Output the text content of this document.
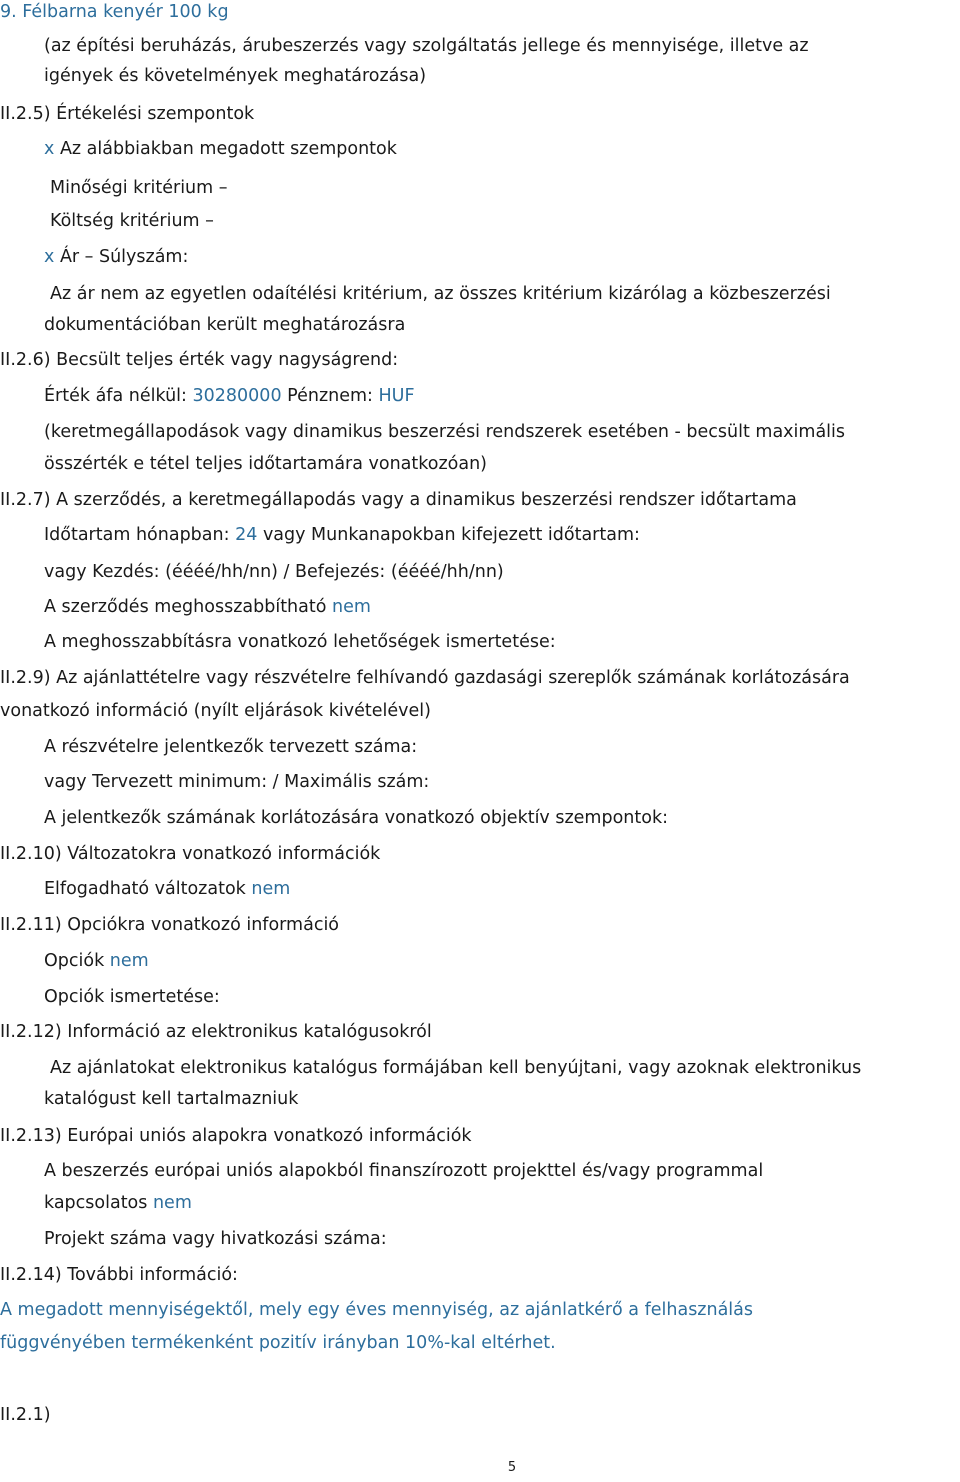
9. Félbarna kenyér 100 kg
(az építési beruházás, árubeszerzés vagy szolgáltatás jellege és mennyisége, illetve az
igények és követelmények meghatározása)
II.2.5) Értékelési szempontok
x Az alábbiakban megadott szempontok
Minőségi kritérium –
Költség kritérium –
x Ár – Súlyszám:
Az ár nem az egyetlen odaítélési kritérium, az összes kritérium kizárólag a közbeszerzési
dokumentációban került meghatározásra
II.2.6) Becsült teljes érték vagy nagyságrend:
Érték áfa nélkül: 30280000 Pénznem: HUF
(keretmegállapodások vagy dinamikus beszerzési rendszerek esetében - becsült maximális
összérték e tétel teljes időtartamára vonatkozóan)
II.2.7) A szerződés, a keretmegállapodás vagy a dinamikus beszerzési rendszer időtartama
Időtartam hónapban: 24 vagy Munkanapokban kifejezett időtartam:
vagy Kezdés: (éééé/hh/nn) / Befejezés: (éééé/hh/nn)
A szerződés meghosszabbítható nem
A meghosszabbításra vonatkozó lehetőségek ismertetése:
II.2.9) Az ajánlattételre vagy részvételre felhívandó gazdasági szereplők számának korlátozására
vonatkozó információ (nyílt eljárások kivételével)
A részvételre jelentkezők tervezett száma:
vagy Tervezett minimum: / Maximális szám:
A jelentkezők számának korlátozására vonatkozó objektív szempontok:
II.2.10) Változatokra vonatkozó információk
Elfogadható változatok nem
II.2.11) Opciókra vonatkozó információ
Opciók nem
Opciók ismertetése:
II.2.12) Információ az elektronikus katalógusokról
Az ajánlatokat elektronikus katalógus formájában kell benyújtani, vagy azoknak elektronikus
katalógust kell tartalmazniuk
II.2.13) Európai uniós alapokra vonatkozó információk
A beszerzés európai uniós alapokból finanszírozott projekttel és/vagy programmal
kapcsolatos nem
Projekt száma vagy hivatkozási száma:
II.2.14) További információ:
A megadott mennyiségektől, mely egy éves mennyiség, az ajánlatkérő a felhasználás
függvényében termékenként pozitív irányban 10%-kal eltérhet.
II.2.1)
5
